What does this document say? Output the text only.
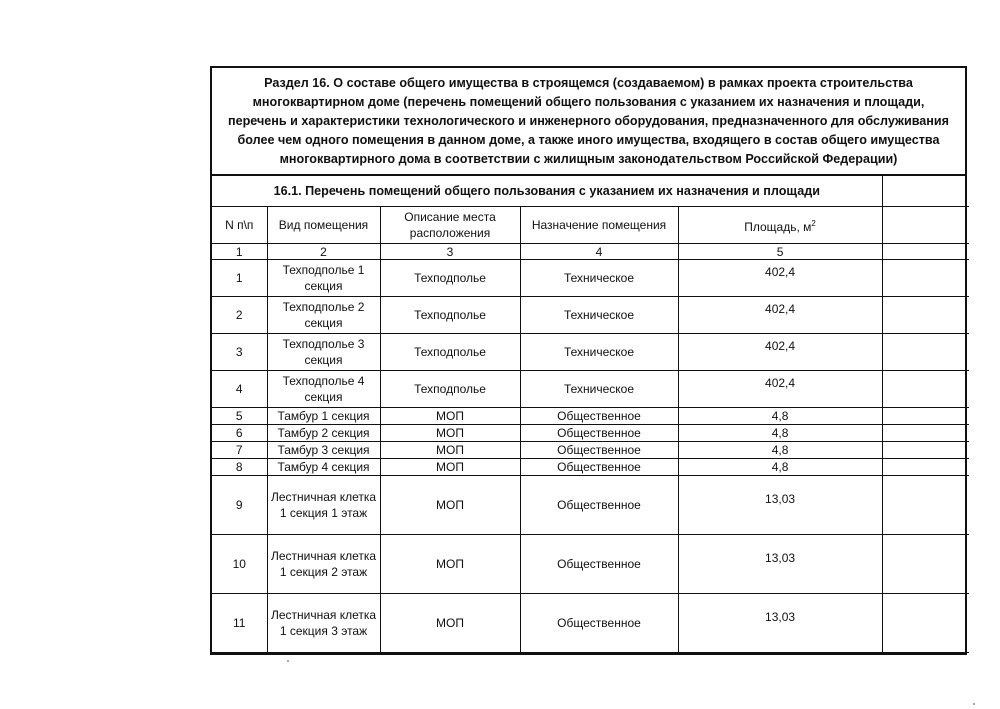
Раздел 16. О составе общего имущества в строящемся (создаваемом) в рамках проекта строительства многоквартирном доме (перечень помещений общего пользования с указанием их назначения и площади, перечень и характеристики технологического и инженерного оборудования, предназначенного для обслуживания более чем одного помещения в данном доме, а также иного имущества, входящего в состав общего имущества многоквартирного дома в соответствии с жилищным законодательством Российской Федерации)
16.1. Перечень помещений общего пользования с указанием их назначения и площади					
N п\п	Вид помещения	Описание места расположения	Назначение помещения	Площадь, $м^2$	
1	2	3	4	5	
1	Техподполье 1 секция	Техподполье	Техническое	402,4	
2	Техподполье 2 секция	Техподполье	Техническое	402,4	
3	Техподполье 3 секция	Техподполье	Техническое	402,4	
4	Техподполье 4 секция	Техподполье	Техническое	402,4	
5	Тамбур 1 секция	МОП	Общественное	4,8	
6	Тамбур 2 секция	МОП	Общественное	4,8	
7	Тамбур 3 секция	МОП	Общественное	4,8	
8	Тамбур 4 секция	МОП	Общественное	4,8	
9	Лестничная клетка 1 секция 1 этаж	МОП	Общественное	13,03	
10	Лестничная клетка 1 секция 2 этаж	МОП	Общественное	13,03	
11	Лестничная клетка 1 секция 3 этаж	МОП	Общественное	13,03	
